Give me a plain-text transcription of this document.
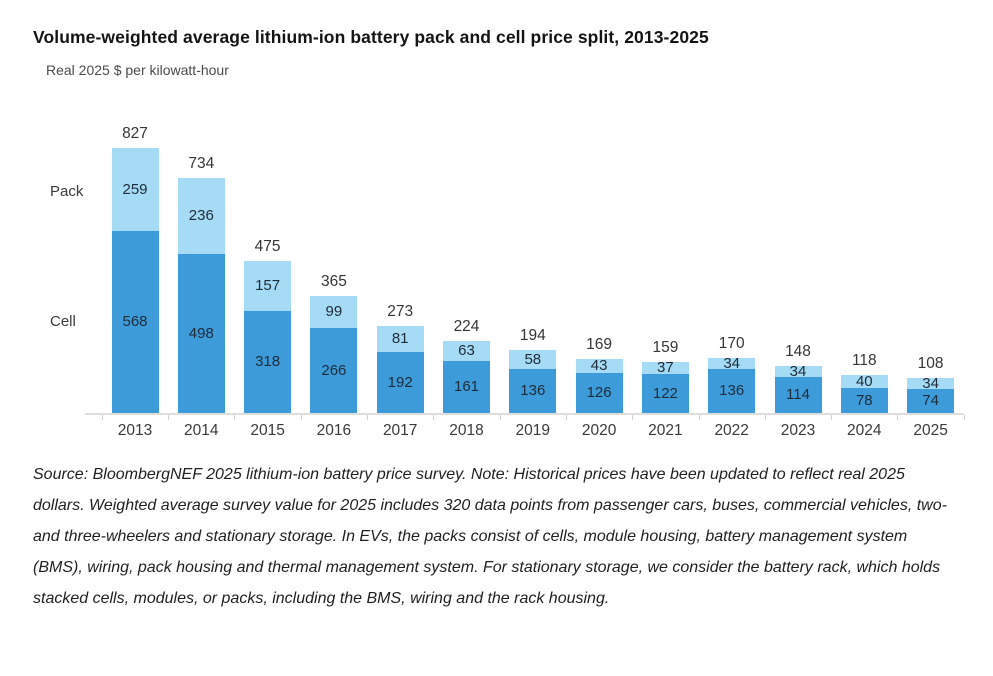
Volume-weighted average lithium-ion battery pack and cell price split, 2013-2025
Real 2025 $ per kilowatt-hour
Pack
Cell
827
259
568
2013
734
236
498
2014
475
157
318
2015
365
99
266
2016
273
81
192
2017
224
63
161
2018
194
58
136
2019
169
43
126
2020
159
37
122
2021
170
34
136
2022
148
34
114
2023
118
40
78
2024
108
34
74
2025

Source: BloombergNEF 2025 lithium-ion battery price survey. Note: Historical prices have been updated to reflect real 2025 dollars. Weighted average survey value for 2025 includes 320 data points from passenger cars, buses, commercial vehicles, two- and three-wheelers and stationary storage. In EVs, the packs consist of cells, module housing, battery management system (BMS), wiring, pack housing and thermal management system. For stationary storage, we consider the battery rack, which holds stacked cells, modules, or packs, including the BMS, wiring and the rack housing.
